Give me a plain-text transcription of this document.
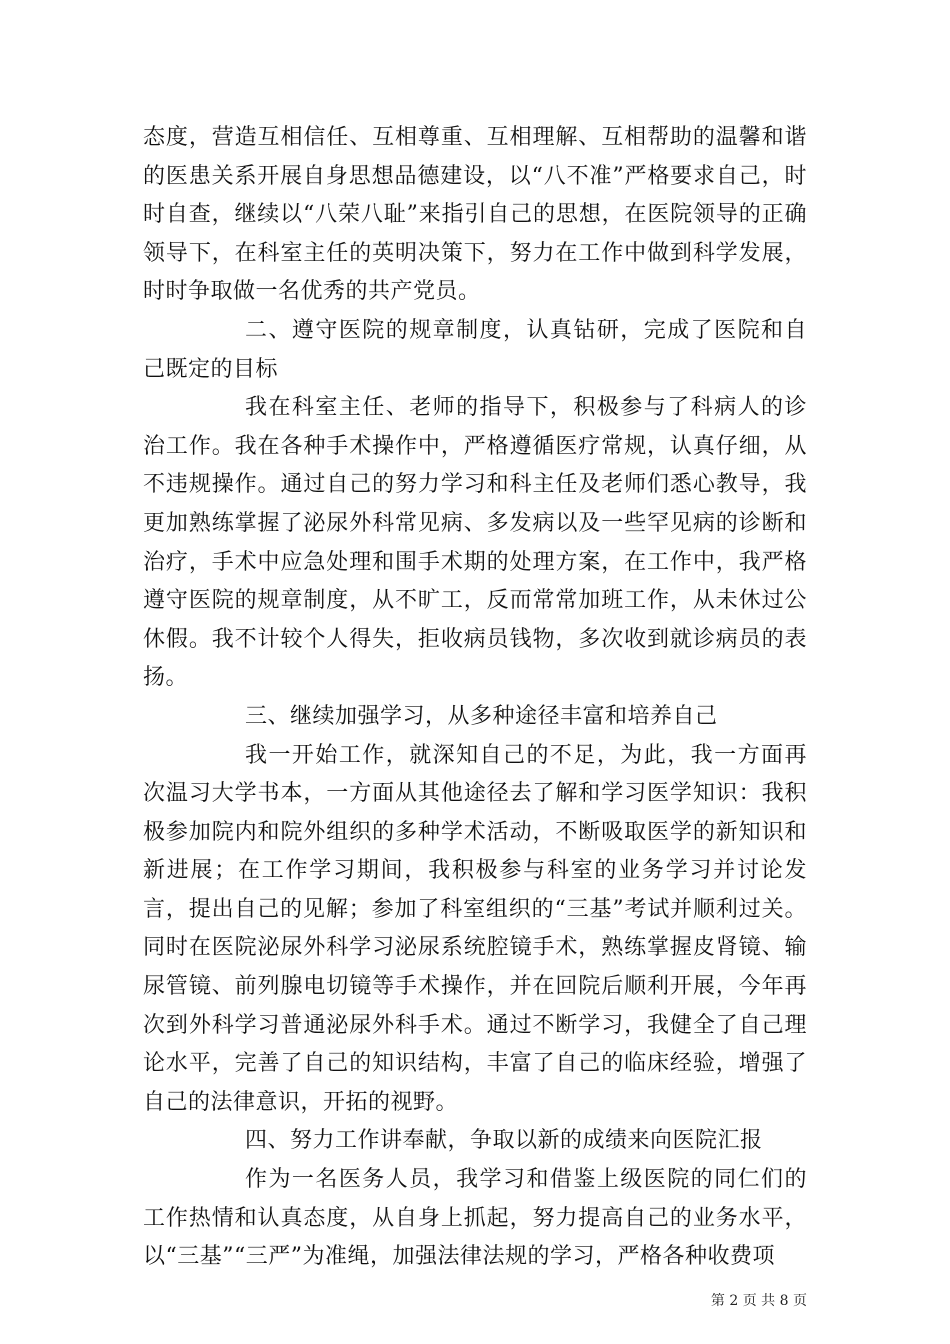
态度，营造互相信任、互相尊重、互相理解、互相帮助的温馨和谐的医患关系开展自身思想品德建设，以“八不准”严格要求自己，时时自查，继续以“八荣八耻”来指引自己的思想，在医院领导的正确领导下，在科室主任的英明决策下，努力在工作中做到科学发展，时时争取做一名优秀的共产党员。

二、遵守医院的规章制度，认真钻研，完成了医院和自己既定的目标

我在科室主任、老师的指导下，积极参与了科病人的诊治工作。我在各种手术操作中，严格遵循医疗常规，认真仔细，从不违规操作。通过自己的努力学习和科主任及老师们悉心教导，我更加熟练掌握了泌尿外科常见病、多发病以及一些罕见病的诊断和治疗，手术中应急处理和围手术期的处理方案，在工作中，我严格遵守医院的规章制度，从不旷工，反而常常加班工作，从未休过公休假。我不计较个人得失，拒收病员钱物，多次收到就诊病员的表扬。

三、继续加强学习，从多种途径丰富和培养自己

我一开始工作，就深知自己的不足，为此，我一方面再次温习大学书本，一方面从其他途径去了解和学习医学知识：我积极参加院内和院外组织的多种学术活动，不断吸取医学的新知识和新进展；在工作学习期间，我积极参与科室的业务学习并讨论发言，提出自己的见解；参加了科室组织的“三基”考试并顺利过关。同时在医院泌尿外科学习泌尿系统腔镜手术，熟练掌握皮肾镜、输尿管镜、前列腺电切镜等手术操作，并在回院后顺利开展，今年再次到外科学习普通泌尿外科手术。通过不断学习，我健全了自己理论水平，完善了自己的知识结构，丰富了自己的临床经验，增强了自己的法律意识，开拓的视野。

四、努力工作讲奉献，争取以新的成绩来向医院汇报

作为一名医务人员，我学习和借鉴上级医院的同仁们的工作热情和认真态度，从自身上抓起，努力提高自己的业务水平，以“三基”“三严”为准绳，加强法律法规的学习，严格各种收费项

第 2 页 共 8 页
